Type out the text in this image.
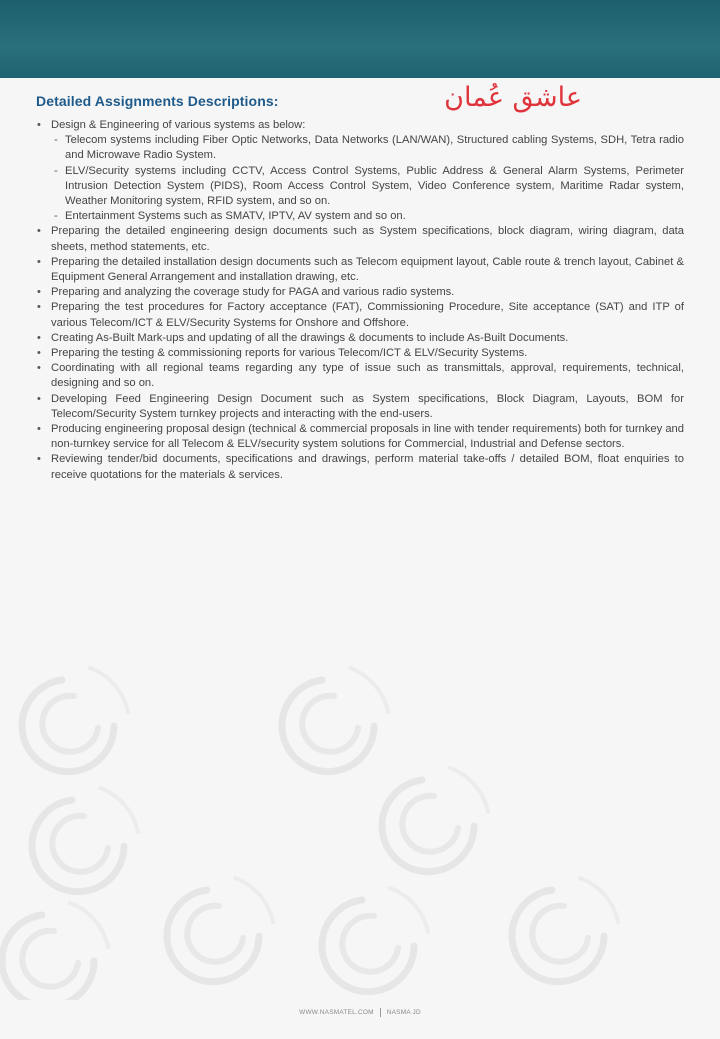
Detailed Assignments Descriptions:	عاشق عُمان
• Design & Engineering of various systems as below:
- Telecom systems including Fiber Optic Networks, Data Networks (LAN/WAN), Structured cabling Systems, SDH, Tetra radio and Microwave Radio System.
- ELV/Security systems including CCTV, Access Control Systems, Public Address & General Alarm Systems, Perimeter Intrusion Detection System (PIDS), Room Access Control System, Video Conference system, Maritime Radar system, Weather Monitoring system, RFID system, and so on.
- Entertainment Systems such as SMATV, IPTV, AV system and so on.
• Preparing the detailed engineering design documents such as System specifications, block diagram, wiring diagram, data sheets, method statements, etc.
• Preparing the detailed installation design documents such as Telecom equipment layout, Cable route & trench layout, Cabinet & Equipment General Arrangement and installation drawing, etc.
• Preparing and analyzing the coverage study for PAGA and various radio systems.
• Preparing the test procedures for Factory acceptance (FAT), Commissioning Procedure, Site acceptance (SAT) and ITP of various Telecom/ICT & ELV/Security Systems for Onshore and Offshore.
• Creating As-Built Mark-ups and updating of all the drawings & documents to include As-Built Documents.
• Preparing the testing & commissioning reports for various Telecom/ICT & ELV/Security Systems.
• Coordinating with all regional teams regarding any type of issue such as transmittals, approval, requirements, technical, designing and so on.
• Developing Feed Engineering Design Document such as System specifications, Block Diagram, Layouts, BOM for Telecom/Security System turnkey projects and interacting with the end-users.
• Producing engineering proposal design (technical & commercial proposals in line with tender requirements) both for turnkey and non-turnkey service for all Telecom & ELV/security system solutions for Commercial, Industrial and Defense sectors.
• Reviewing tender/bid documents, specifications and drawings, perform material take-offs / detailed BOM, float enquiries to receive quotations for the materials & services.
WWW.NASMATEL.COM NASMA JD
